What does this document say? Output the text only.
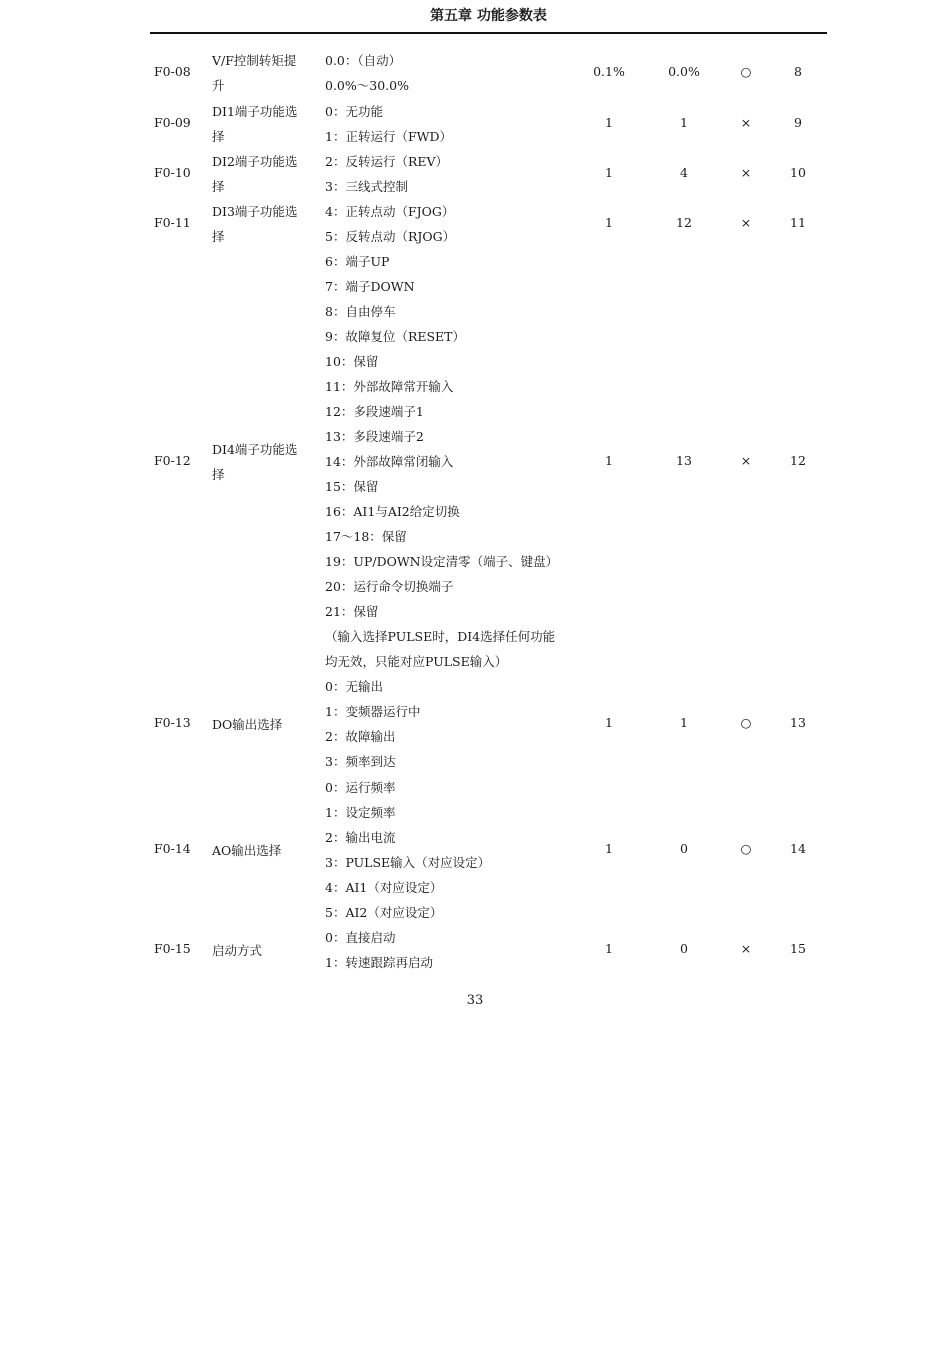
第五章 功能参数表
F0-08
V/F控制转矩提
升
0.0：（自动）
0.0%～30.0%
0.1%	0.0%	○	8
F0-09
DI1端子功能选
择
0：无功能
1：正转运行（FWD）
1	1	×	9
F0-10
DI2端子功能选
择
2：反转运行（REV）
3：三线式控制
1	4	×	10
F0-11
DI3端子功能选
择
4：正转点动（FJOG）
5：反转点动（RJOG）
1	12	×	11
F0-12
DI4端子功能选
择
6：端子UP
7：端子DOWN
8：自由停车
9：故障复位（RESET）
10：保留
11：外部故障常开输入
12：多段速端子1
13：多段速端子2
14：外部故障常闭输入
15：保留
16：AI1与AI2给定切换
17～18：保留
19：UP/DOWN设定清零（端子、键盘）
20：运行命令切换端子
21：保留
（输入选择PULSE时，DI4选择任何功能
均无效，只能对应PULSE输入）
1	13	×	12
F0-13 DO输出选择
0：无输出
1：变频器运行中
2：故障输出
3：频率到达
1	1	○	13
F0-14 AO输出选择
0：运行频率
1：设定频率
2：输出电流
3：PULSE输入（对应设定）
4：AI1（对应设定）
5：AI2（对应设定）
1	0	○	14
F0-15 启动方式
0：直接启动
1：转速跟踪再启动
1	0	×	15
33
